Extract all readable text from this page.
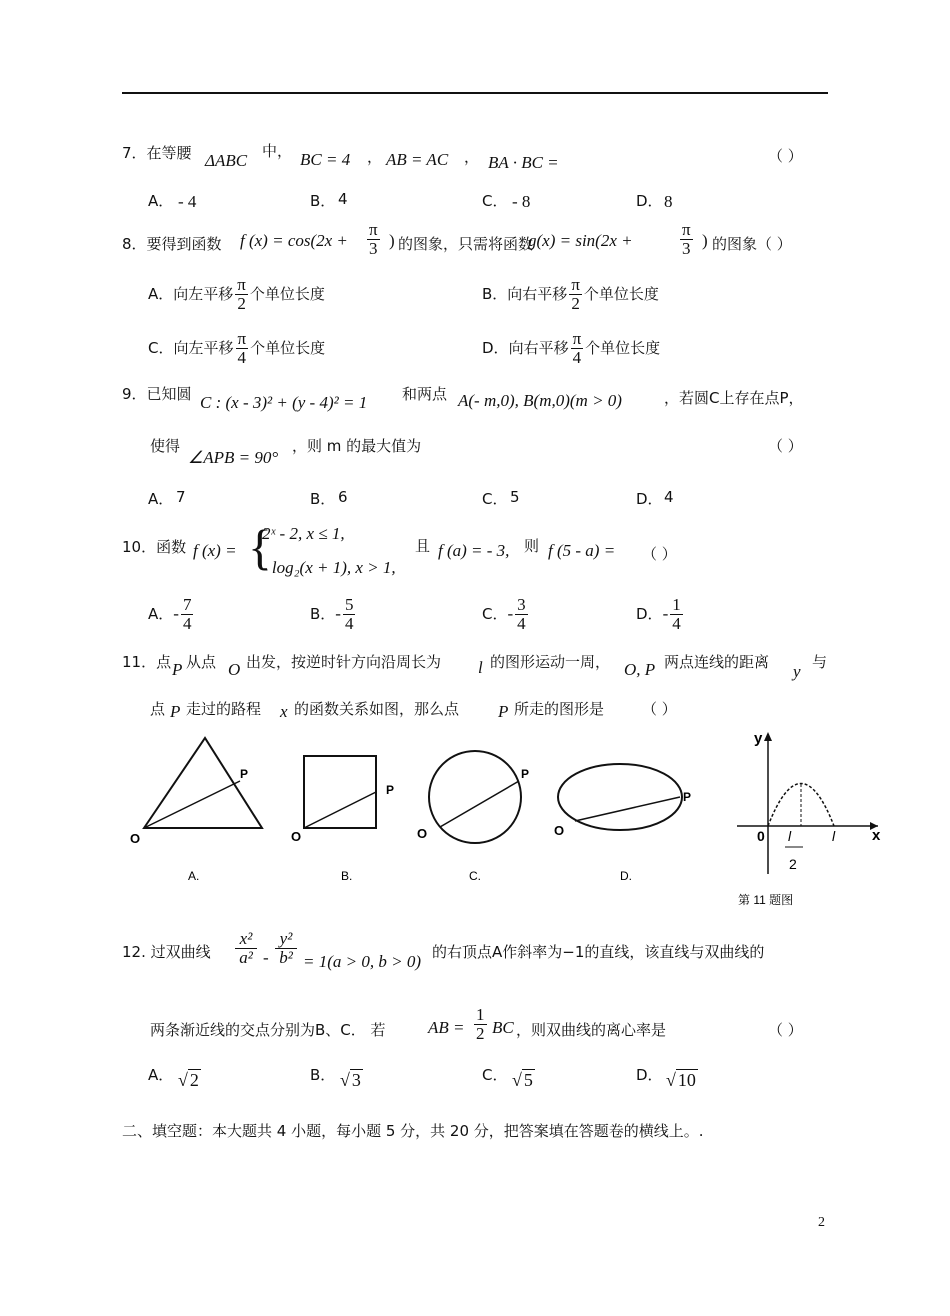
7．在等腰 ΔABC 中， BC = 4 ， AB = AC ， BA · BC =	（ ）
A． - 4	B． 4	C． - 8	D． 8
8．要得到函数 f $(x) = \cos(2x + \frac{\pi}{3}$ ) 的图象，只需将函数
g(x) = sin(2x +	$\frac{\pi}{3}$ ) 的图象（ ）
A．向左平移 $\frac{\pi}{2}$ 个单位长度	B．向右平移 $\frac{\pi}{2}$ 个单位长度
C．向左平移 $\frac{\pi}{4}$ 个单位长度	D．向右平移 $\frac{\pi}{4}$ 个单位长度
9．已知圆 C : (x - 3)² + (y - 4)² = 1 和两点 A(- m,0), B(m,0)(m > 0)	，若圆C上存在点P，
使得
∠APB = 90°
，则 m 的最大值为	（ ）
A． 7	B． 6	C． 5	D． 4
10．函数 f (x) = {
2ˣ - 2, x ≤ 1,
- log₂(x + 1), x > 1,
且 f (a) = - 3, 则 f (5 - a) = （ ）
A．- $\frac{7}{4}$	B．- $\frac{5}{4}$	C．- $\frac{3}{4}$	D．- $\frac{1}{4}$
11．点 P 从点 O 出发，按逆时针方向沿周长为 l 的图形运动一周， O, P 两点连线的距离 y 与
点 P 走过的路程 x 的函数关系如图，那么点 P 所走的图形是	（ ）
O
P
A.
O
P
B.
O
P
C.
O
P
D.
y
x
0 l
2
l
第 11 题图
12. 过双曲线
x²
a² -
y²
b² = 1(a > 0, b > 0) 的右顶点A作斜率为−1的直线，该直线与双曲线的
两条渐近线的交点分别为B、C． 若 AB = $\frac{1}{2}$ BC ，则双曲线的离心率是	（ ）
A． √ 2	B． √ 3	C． √ 5	D． √ 10
二、填空题：本大题共 4 小题，每小题 5 分，共 20 分，把答案填在答题卷的横线上。.
2
